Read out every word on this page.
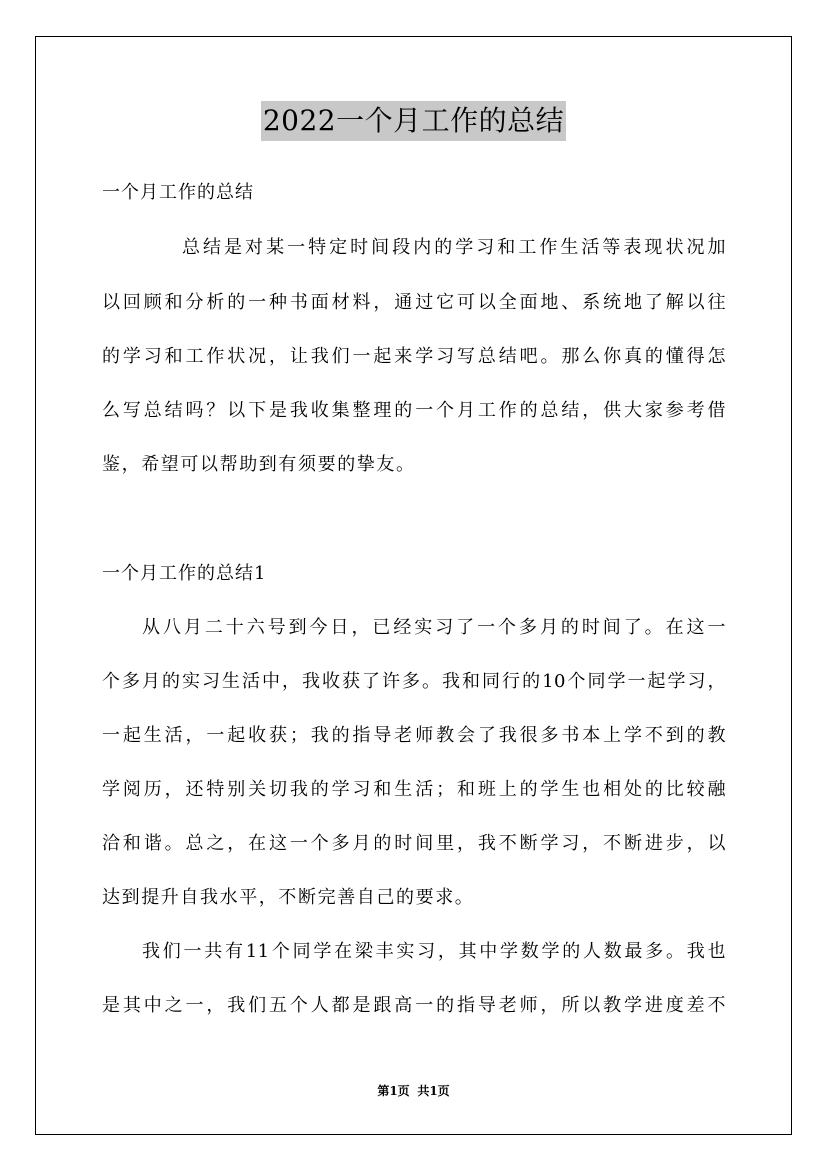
2022一个月工作的总结
一个月工作的总结
总结是对某一特定时间段内的学习和工作生活等表现状况加
以回顾和分析的一种书面材料，通过它可以全面地、系统地了解以往
的学习和工作状况，让我们一起来学习写总结吧。那么你真的懂得怎
么写总结吗？以下是我收集整理的一个月工作的总结，供大家参考借
鉴，希望可以帮助到有须要的挚友。
一个月工作的总结1
从八月二十六号到今日，已经实习了一个多月的时间了。在这一
个多月的实习生活中，我收获了许多。我和同行的10个同学一起学习，
一起生活，一起收获；我的指导老师教会了我很多书本上学不到的教
学阅历，还特别关切我的学习和生活；和班上的学生也相处的比较融
洽和谐。总之，在这一个多月的时间里，我不断学习，不断进步，以
达到提升自我水平，不断完善自己的要求。
我们一共有11个同学在梁丰实习，其中学数学的人数最多。我也
是其中之一，我们五个人都是跟高一的指导老师，所以教学进度差不
第1页 共1页
